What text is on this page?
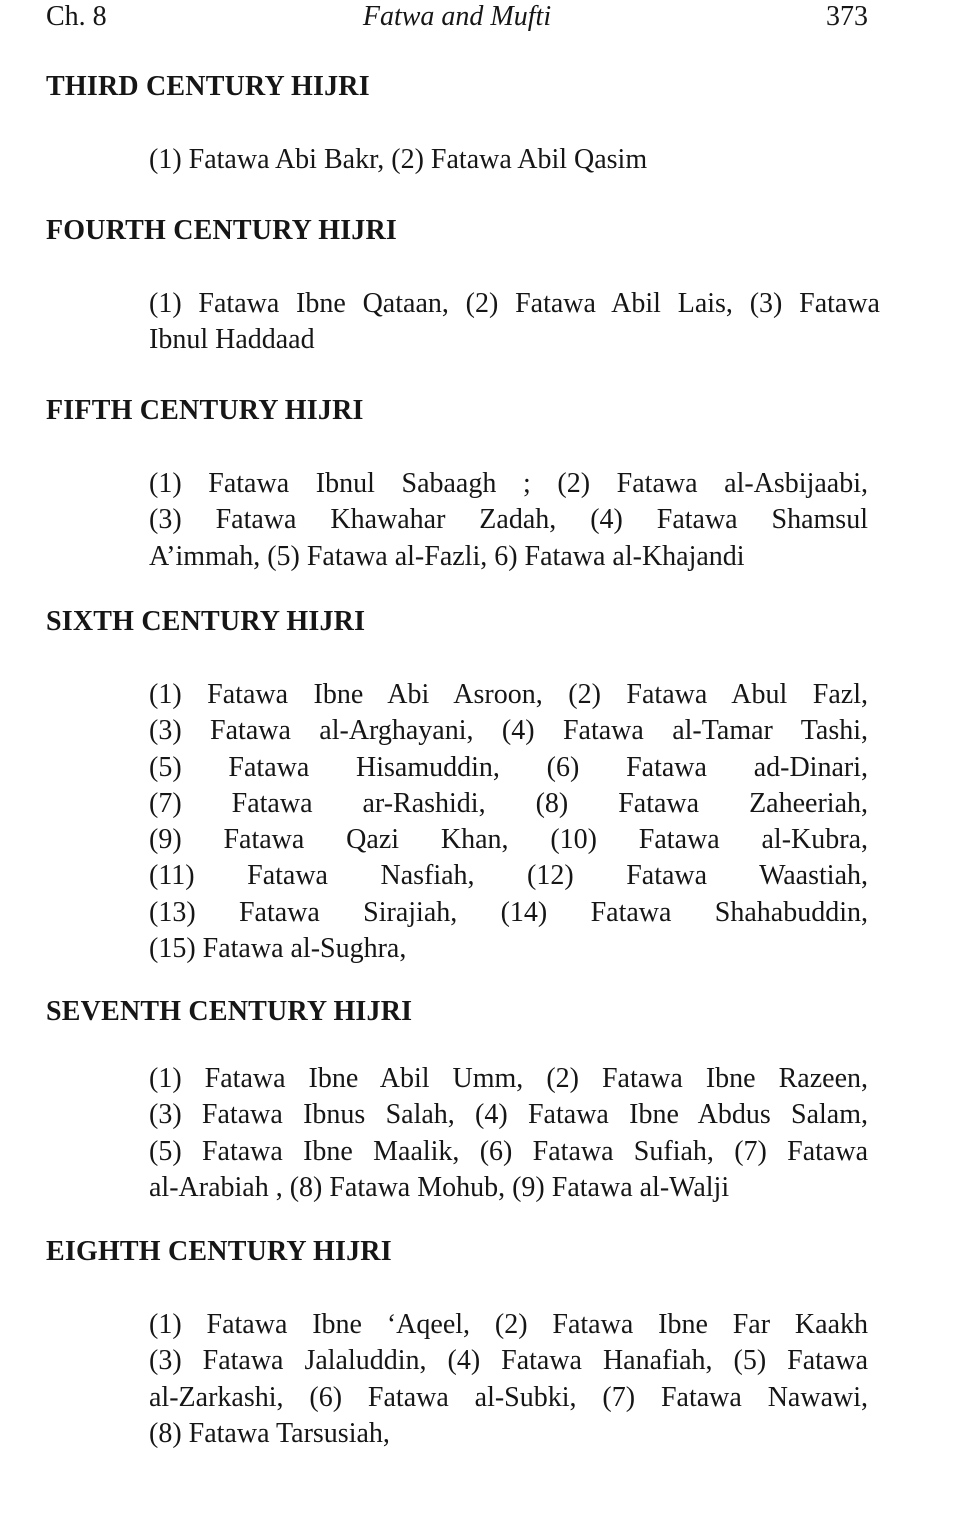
Ch. 8	Fatwa and Mufti	373
THIRD CENTURY HIJRI
(1) Fatawa Abi Bakr, (2) Fatawa Abil Qasim
FOURTH CENTURY HIJRI
(1) Fatawa Ibne Qataan, (2) Fatawa Abil Lais, (3) Fatawa
Ibnul Haddaad
FIFTH CENTURY HIJRI
(1) Fatawa Ibnul Sabaagh ; (2) Fatawa al-Asbijaabi,
(3) Fatawa Khawahar Zadah, (4) Fatawa Shamsul
A’immah, (5) Fatawa al-Fazli, 6) Fatawa al-Khajandi
SIXTH CENTURY HIJRI
(1) Fatawa Ibne Abi Asroon, (2) Fatawa Abul Fazl,
(3) Fatawa al-Arghayani, (4) Fatawa al-Tamar Tashi,
(5) Fatawa Hisamuddin, (6) Fatawa ad-Dinari,
(7) Fatawa ar-Rashidi, (8) Fatawa Zaheeriah,
(9) Fatawa Qazi Khan, (10) Fatawa al-Kubra,
(11) Fatawa Nasfiah, (12) Fatawa Waastiah,
(13) Fatawa Sirajiah, (14) Fatawa Shahabuddin,
(15) Fatawa al-Sughra,
SEVENTH CENTURY HIJRI
(1) Fatawa Ibne Abil Umm, (2) Fatawa Ibne Razeen,
(3) Fatawa Ibnus Salah, (4) Fatawa Ibne Abdus Salam,
(5) Fatawa Ibne Maalik, (6) Fatawa Sufiah, (7) Fatawa
al-Arabiah , (8) Fatawa Mohub, (9) Fatawa al-Walji
EIGHTH CENTURY HIJRI
(1) Fatawa Ibne ‘Aqeel, (2) Fatawa Ibne Far Kaakh
(3) Fatawa Jalaluddin, (4) Fatawa Hanafiah, (5) Fatawa
al-Zarkashi, (6) Fatawa al-Subki, (7) Fatawa Nawawi,
(8) Fatawa Tarsusiah,
